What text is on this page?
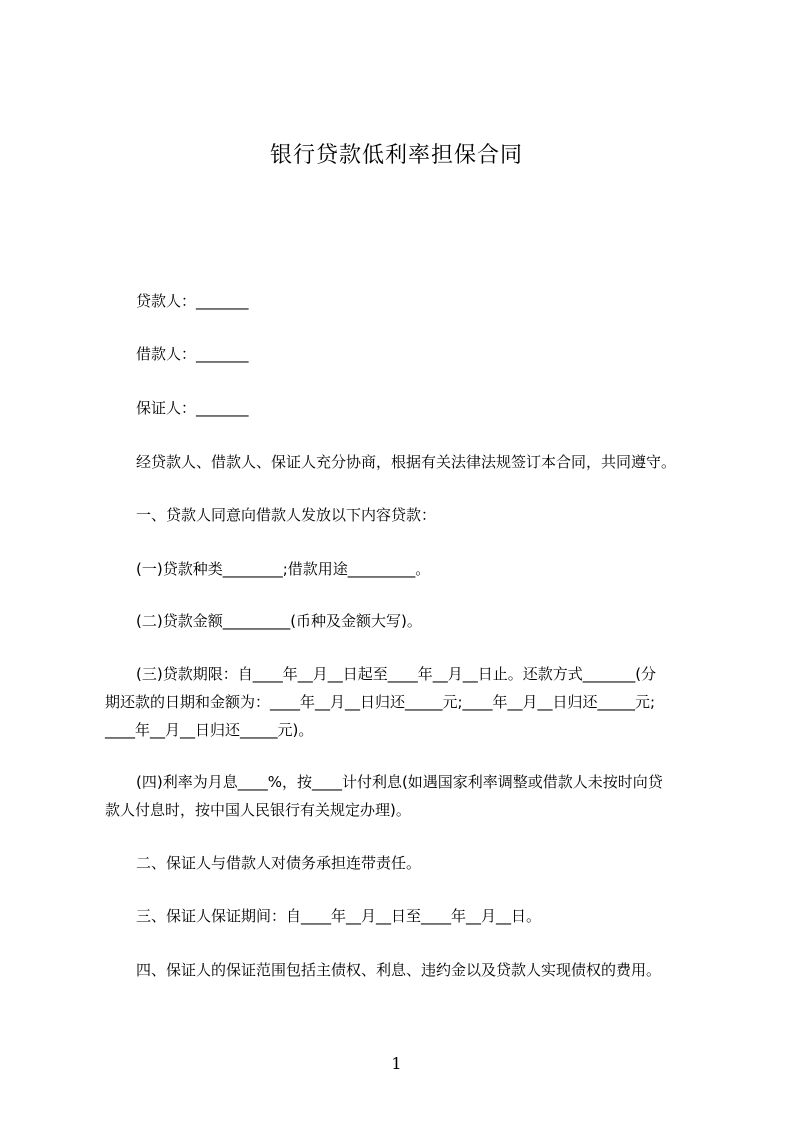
银行贷款低利率担保合同
贷款人：_______
借款人：_______
保证人：_______
经贷款人、借款人、保证人充分协商，根据有关法律法规签订本合同，共同遵守。
一、贷款人同意向借款人发放以下内容贷款：
(一)贷款种类________;借款用途_________。
(二)贷款金额_________(币种及金额大写)。
(三)贷款期限：自____年__月__日起至____年__月__日止。还款方式_______(分
期还款的日期和金额为：____年__月__日归还_____元;____年__月__日归还_____元;
____年__月__日归还_____元)。
(四)利率为月息____%，按____计付利息(如遇国家利率调整或借款人未按时向贷
款人付息时，按中国人民银行有关规定办理)。
二、保证人与借款人对债务承担连带责任。
三、保证人保证期间：自____年__月__日至____年__月__日。
四、保证人的保证范围包括主债权、利息、违约金以及贷款人实现债权的费用。
1
